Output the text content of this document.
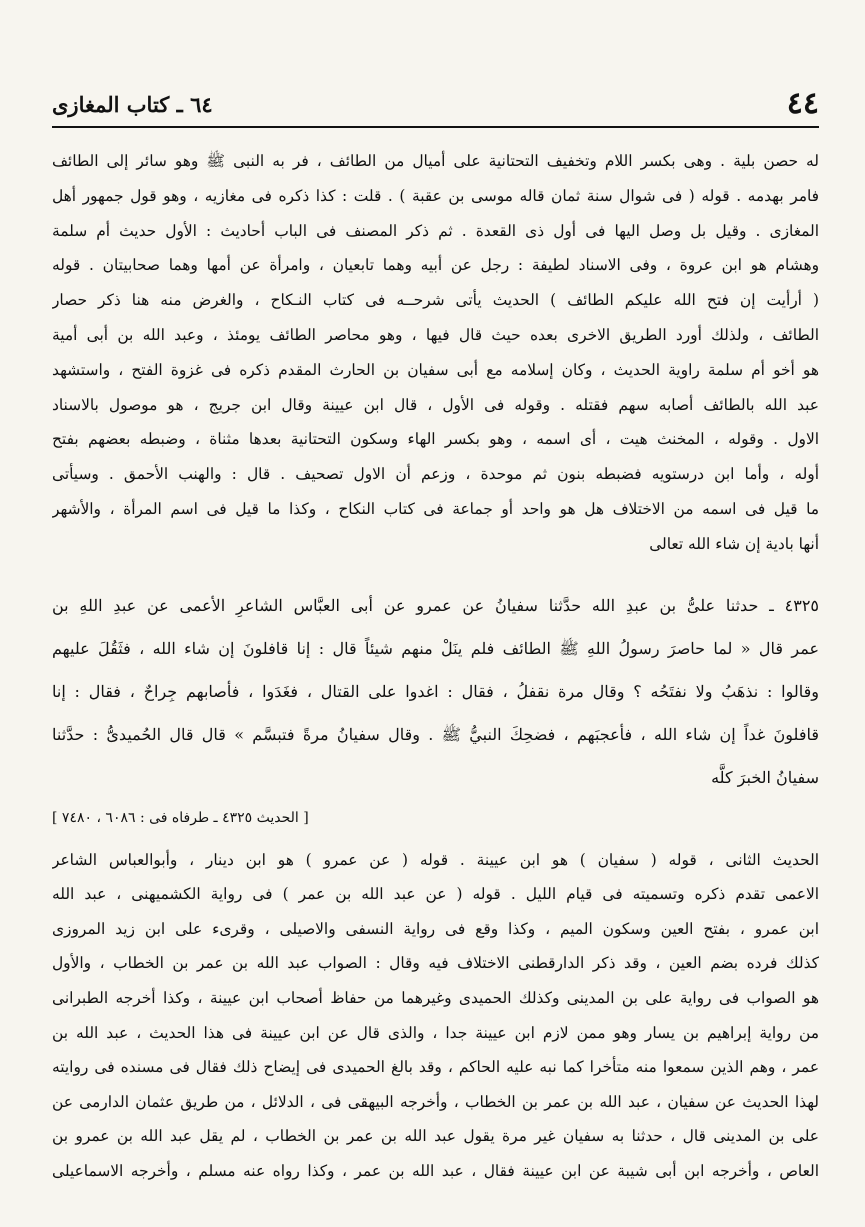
٤٤
٦٤ ـ كتاب المغازى

له حصن بلية . وهى بكسر اللام وتخفيف التحتانية على أميال من الطائف ، فر به النبى ﷺ وهو سائر إلى الطائف
فامر بهدمه . قوله ( فى شوال سنة ثمان قاله موسى بن عقبة ) . قلت : كذا ذكره فى مغازيه ، وهو قول جمهور أهل
المغازى . وقيل بل وصل اليها فى أول ذى القعدة . ثم ذكر المصنف فى الباب أحاديث : الأول حديث أم سلمة
وهشام هو ابن عروة ، وفى الاسناد لطيفة : رجل عن أبيه وهما تابعيان ، وامرأة عن أمها وهما صحابيتان . قوله
( أرأيت إن فتح الله عليكم الطائف ) الحديث يأتى شرحــه فى كتاب النـكاح ، والغرض منه هنا ذكر حصار
الطائف ، ولذلك أورد الطريق الاخرى بعده حيث قال فيها ، وهو محاصر الطائف يومئذ ، وعبد الله بن أبى أمية
هو أخو أم سلمة راوية الحديث ، وكان إسلامه مع أبى سفيان بن الحارث المقدم ذكره فى غزوة الفتح ، واستشهد
عبد الله بالطائف أصابه سهم فقتله . وقوله فى الأول ، قال ابن عيينة وقال ابن جريج ، هو موصول بالاسناد
الاول . وقوله ، المخنث هيت ، أى اسمه ، وهو بكسر الهاء وسكون التحتانية بعدها مثناة ، وضبطه بعضهم بفتح
أوله ، وأما ابن درستويه فضبطه بنون ثم موحدة ، وزعم أن الاول تصحيف . قال : والهنب الأحمق . وسيأتى
ما قيل فى اسمه من الاختلاف هل هو واحد أو جماعة فى كتاب النكاح ، وكذا ما قيل فى اسم المرأة ، والأشهر
أنها بادية إن شاء الله تعالى

٤٣٢٥ ـ حدثنا علىُّ بن عبدِ الله حدَّثنا سفيانُ عن عمرو عن أبى العبَّاس الشاعرِ الأعمى عن عبدِ اللهِ بن
عمر قال « لما حاصرَ رسولُ اللهِ ﷺ الطائف فلم ينَلْ منهم شيئاً قال : إنا قافلونَ إن شاء الله ، فثَقُلَ عليهم
وقالوا : نذهَبُ ولا نفتَحُه ؟ وقال مرة نقفلُ ، فقال : اغدوا على القتال ، فغَدَوا ، فأصابهم جِراحٌ ، فقال : إنا
قافلونَ غداً إن شاء الله ، فأعجبَهم ، فضحِكَ النبيُّ ﷺ . وقال سفيانُ مرةً فتبسَّم » قال قال الحُميدىُّ : حدَّثنا
سفيانُ الخبرَ كلَّه

[ الحديث ٤٣٢٥ ـ طرفاه فى : ٦٠٨٦ ، ٧٤٨٠ ]

الحديث الثانى ، قوله ( سفيان ) هو ابن عيينة . قوله ( عن عمرو ) هو ابن دينار ، وأبوالعباس الشاعر
الاعمى تقدم ذكره وتسميته فى قيام الليل . قوله ( عن عبد الله بن عمر ) فى رواية الكشميهنى ، عبد الله
ابن عمرو ، بفتح العين وسكون الميم ، وكذا وقع فى رواية النسفى والاصيلى ، وقرىء على ابن زيد المروزى
كذلك فرده بضم العين ، وقد ذكر الدارقطنى الاختلاف فيه وقال : الصواب عبد الله بن عمر بن الخطاب ، والأول
هو الصواب فى رواية على بن المدينى وكذلك الحميدى وغيرهما من حفاظ أصحاب ابن عيينة ، وكذا أخرجه الطبرانى
من رواية إبراهيم بن يسار وهو ممن لازم ابن عيينة جدا ، والذى قال عن ابن عيينة فى هذا الحديث ، عبد الله بن
عمر ، وهم الذين سمعوا منه متأخرا كما نبه عليه الحاكم ، وقد بالغ الحميدى فى إيضاح ذلك فقال فى مسنده فى روايته
لهذا الحديث عن سفيان ، عبد الله بن عمر بن الخطاب ، وأخرجه البيهقى فى ، الدلائل ، من طريق عثمان الدارمى عن
على بن المدينى قال ، حدثنا به سفيان غير مرة يقول عبد الله بن عمر بن الخطاب ، لم يقل عبد الله بن عمرو بن
العاص ، وأخرجه ابن أبى شيبة عن ابن عيينة فقال ، عبد الله بن عمر ، وكذا رواه عنه مسلم ، وأخرجه الاسماعيلى
